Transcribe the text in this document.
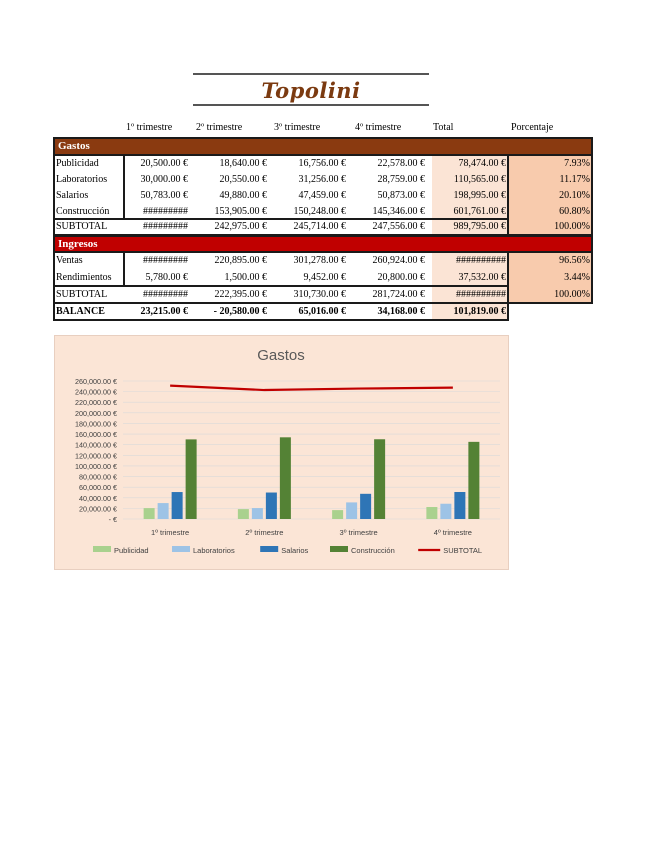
Topolini
1º trimestre 2º trimestre	3º trimestre	4º trimestre	Total	Porcentaje
Gastos
Publicidad	20,500.00 €	18,640.00 €	16,756.00 €	22,578.00 €	78,474.00 €	7.93%
Laboratorios	30,000.00 €	20,550.00 €	31,256.00 €	28,759.00 €	110,565.00 €	11.17%
Salarios	50,783.00 €	49,880.00 €	47,459.00 €	50,873.00 €	198,995.00 €	20.10%
Construcción	#########	153,905.00 €	150,248.00 €	145,346.00 €	601,761.00 €	60.80%
SUBTOTAL	#########	242,975.00 €	245,714.00 €	247,556.00 €	989,795.00 €	100.00%
Ventas	#########	220,895.00 €	301,278.00 €	260,924.00 €	##########	96.56%
Rendimientos	5,780.00 €	1,500.00 €	9,452.00 €	20,800.00 €	37,532.00 €	3.44%
SUBTOTAL	#########	222,395.00 €	310,730.00 €	281,724.00 €	##########	100.00%
BALANCE	23,215.00 €	- 20,580.00 €	65,016.00 €	34,168.00 €	101,819.00 €
Ingresos
Gastos
260,000.00 €
240,000.00 €
220,000.00 €
200,000.00 €
180,000.00 €
160,000.00 €
140,000.00 €
120,000.00 €
100,000.00 €
80,000.00 €
60,000.00 €
40,000.00 €
20,000.00 €
- €
1º trimestre	2º trimestre	3º trimestre	4º trimestre
Publicidad	Laboratorios	Salarios	Construcción	SUBTOTAL
